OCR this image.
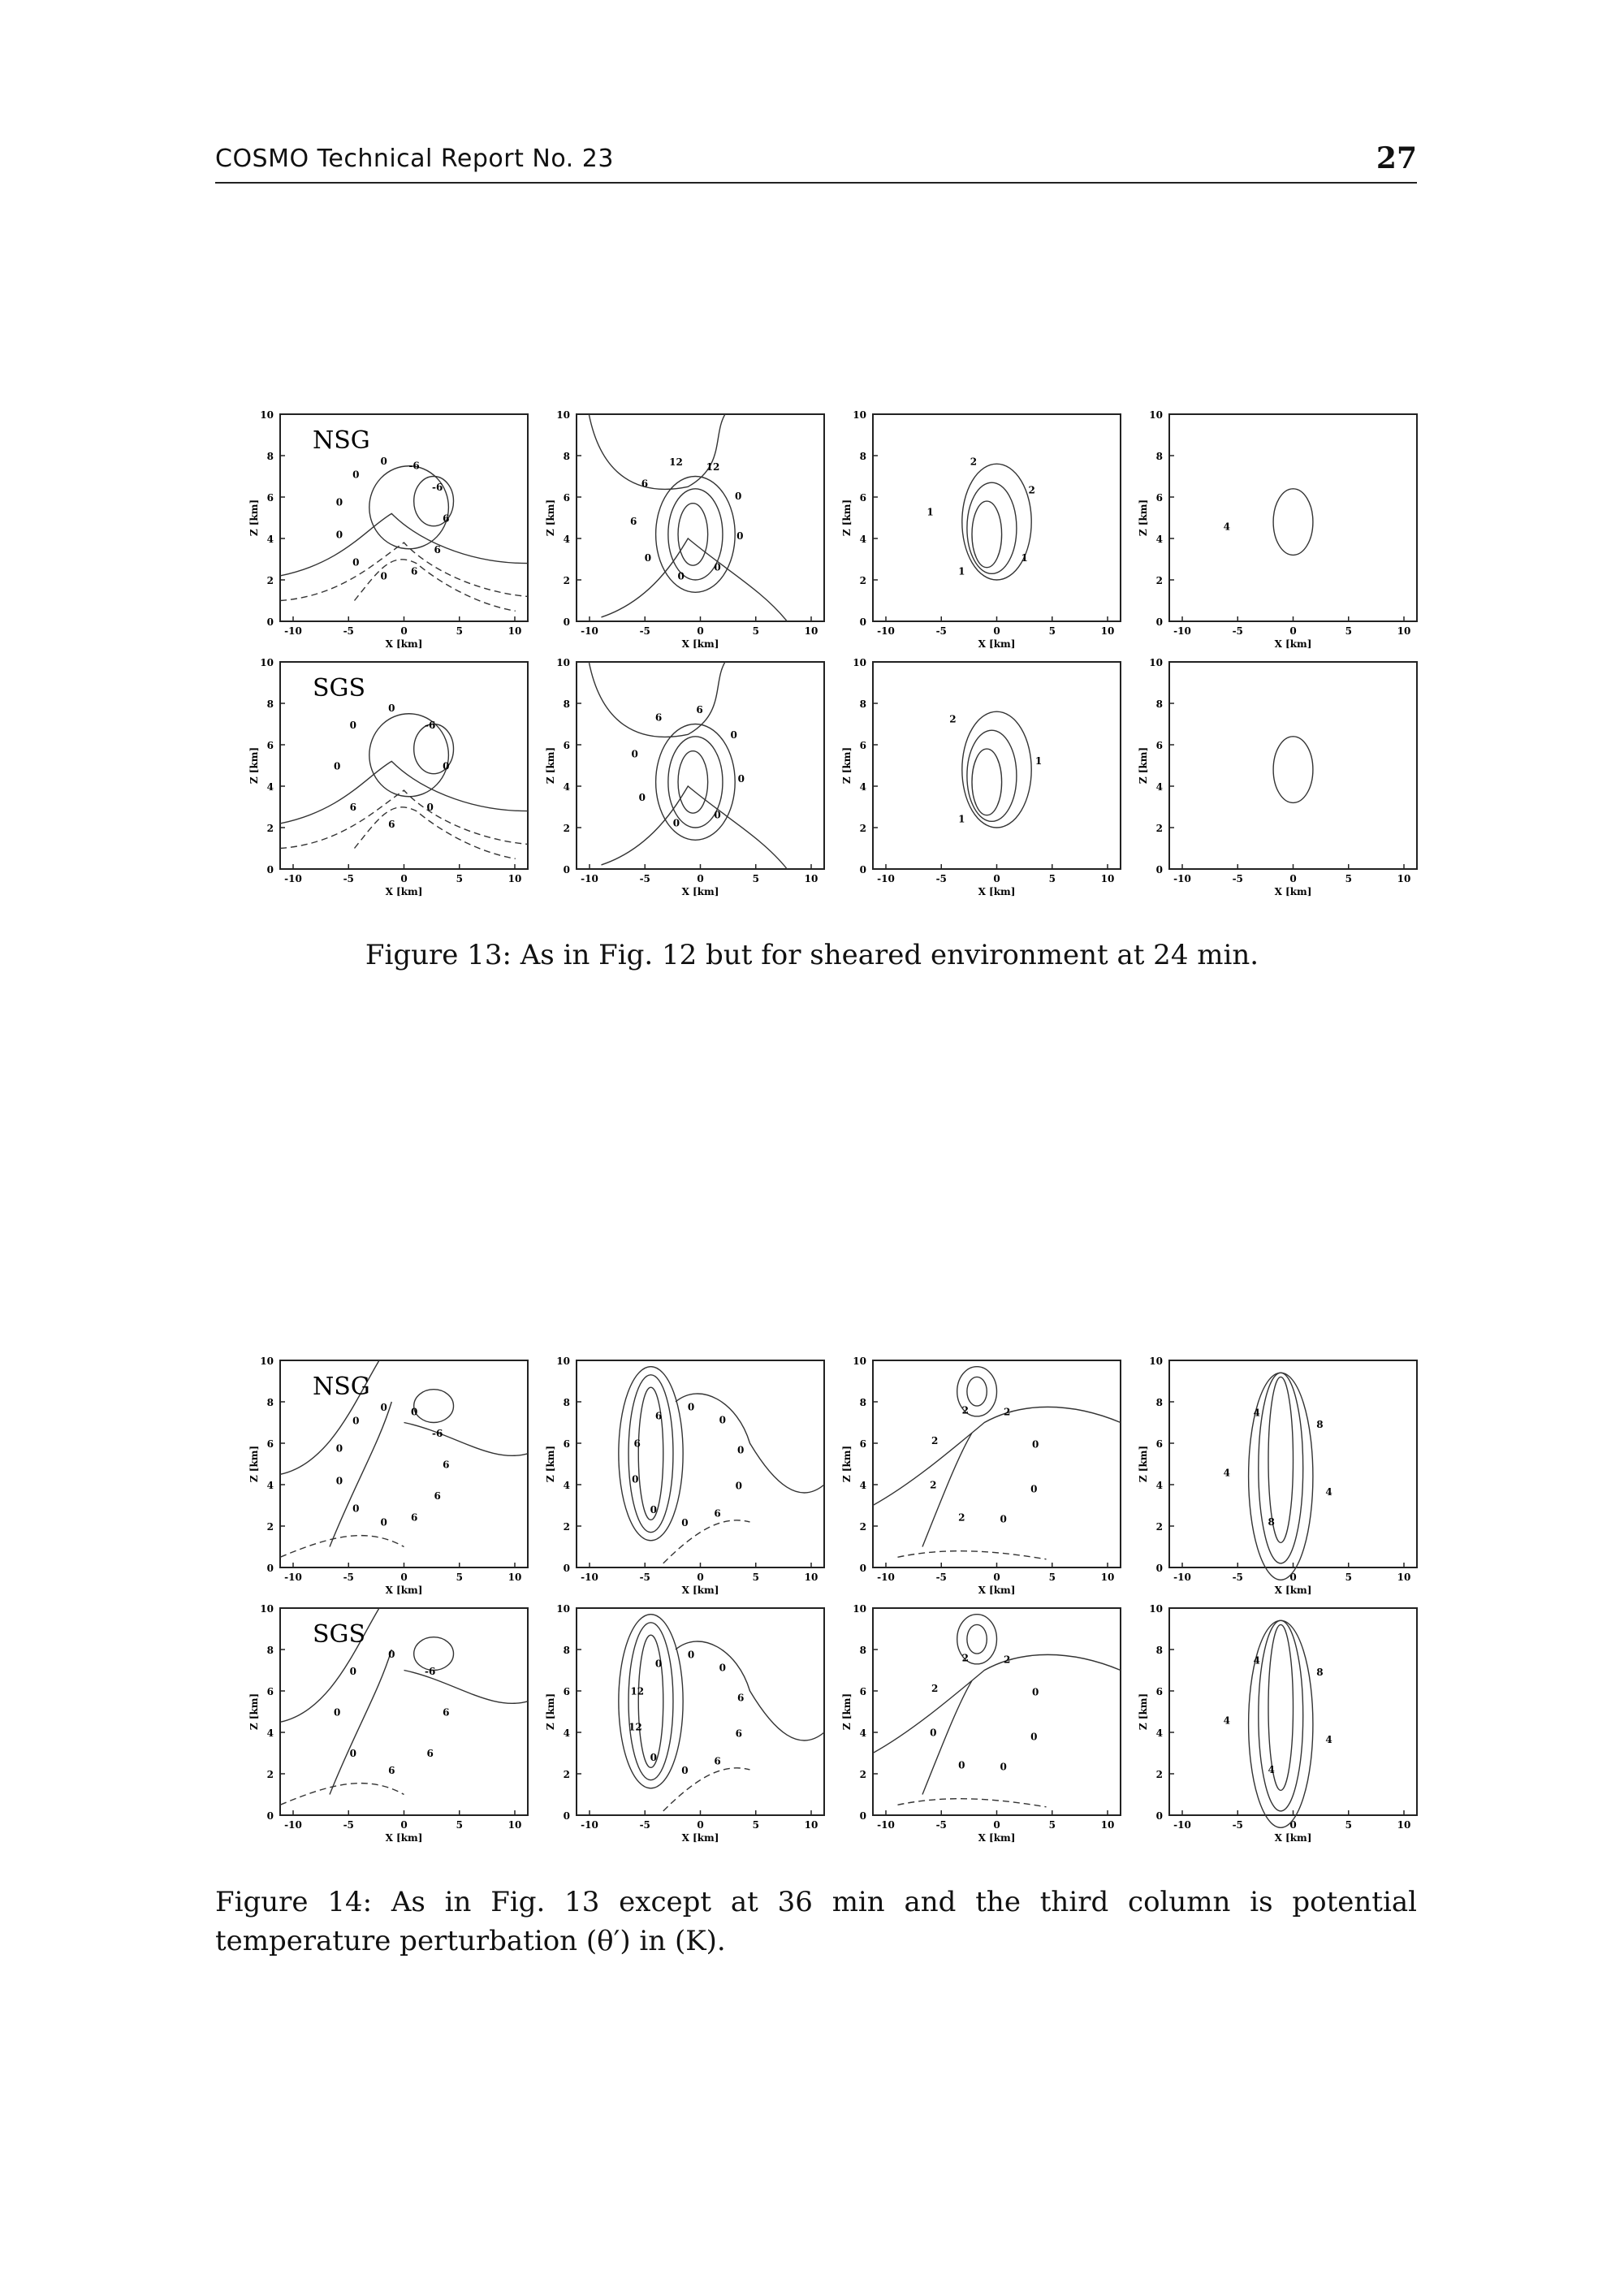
COSMO Technical Report No. 23	27
0
2
4
6
8
10
-10	-5	0	5	10
X [km]
Z [km]	6
6
6
0
0
0
0
0
0 -6
-6
NSG
0
2
4
6
8
10
-10	-5	0	5	10
X [km]
Z [km]
0
0
0
6
6
12 12
0
0
0
2
4
6
8
10
-10	-5	0	5	10
X [km]
Z [km]
1
1
2
2
1
0
2
4
6
8
10
-10	-5	0	5	10
X [km]
Z [km]	4
0
2
4
6
8
10
-10	-5	0	5	10
X [km]
Z [km]	0
0
6
6
0
0
0
-6
SGS
0
2
4
6
8
10
-10	-5	0	5	10
X [km]
Z [km]
0
0
0
0
6
6
0
0
0
2
4
6
8
10
-10	-5	0	5	10
X [km]
Z [km]
1
2
1
0
2
4
6
8
10
-10	-5	0	5	10
X [km]
Z [km]
Figure 13: As in Fig. 12 but for sheared environment at 24 min.
0
2
4
6
8
10
-10	-5	0	5	10
X [km]
Z [km]	6
6
6
0
0
0
0
0
0 0
-6
NSG
0
2
4
6
8
10
-10	-5	0	5	10
X [km]
Z [km]
6
0
0
0
6
6
0
0
0
0
0
2
4
6
8
10
-10	-5	0	5	10
X [km]
Z [km]
2
2
2
2	2
0
0
0
0
2
4
6
8
10
-10	-5	0	5	10
X [km]
Z [km]	4
4
8
4
8
0
2
4
6
8
10
-10	-5	0	5	10
X [km]
Z [km]	6
6
6
0
0
0
0
-6
SGS
0
2
4
6
8
10
-10	-5	0	5	10
X [km]
Z [km]
6
0
0
12
12
0
0
0
6
6
0
2
4
6
8
10
-10	-5	0	5	10
X [km]
Z [km]
0
0
2
2	2
0
0
0
0
2
4
6
8
10
-10	-5	0	5	10
X [km]
Z [km]	4
4
8
4
4
Figure 14: As in Fig. 13 except at 36 min and the third column is potential temperature perturbation (θ′) in (K).
